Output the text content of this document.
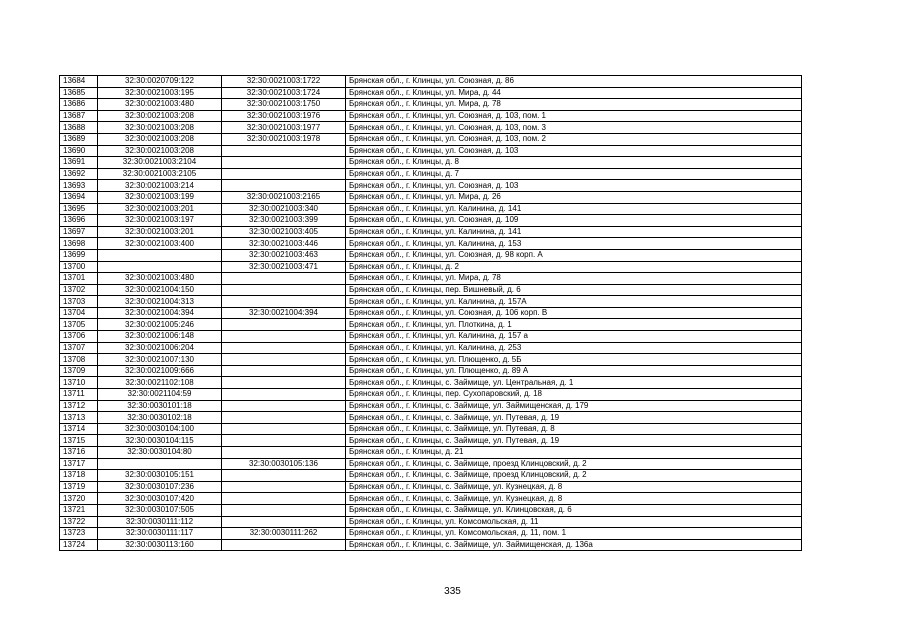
13684	32:30:0020709:122	32:30:0021003:1722	Брянская обл., г. Клинцы, ул. Союзная, д. 86
13685	32:30:0021003:195	32:30:0021003:1724	Брянская обл., г. Клинцы, ул. Мира, д. 44
13686	32:30:0021003:480	32:30:0021003:1750	Брянская обл., г. Клинцы, ул. Мира, д. 78
13687	32:30:0021003:208	32:30:0021003:1976	Брянская обл., г. Клинцы, ул. Союзная, д. 103, пом. 1
13688	32:30:0021003:208	32:30:0021003:1977	Брянская обл., г. Клинцы, ул. Союзная, д. 103, пом. 3
13689	32:30:0021003:208	32:30:0021003:1978	Брянская обл., г. Клинцы, ул. Союзная, д. 103, пом. 2
13690	32:30:0021003:208		Брянская обл., г. Клинцы, ул. Союзная, д. 103
13691	32:30:0021003:2104		Брянская обл., г. Клинцы, д. 8
13692	32:30:0021003:2105		Брянская обл., г. Клинцы, д. 7
13693	32:30:0021003:214		Брянская обл., г. Клинцы, ул. Союзная, д. 103
13694	32:30:0021003:199	32:30:0021003:2165	Брянская обл., г. Клинцы, ул. Мира, д. 26
13695	32:30:0021003:201	32:30:0021003:340	Брянская обл., г. Клинцы, ул. Калинина, д. 141
13696	32:30:0021003:197	32:30:0021003:399	Брянская обл., г. Клинцы, ул. Союзная, д. 109
13697	32:30:0021003:201	32:30:0021003:405	Брянская обл., г. Клинцы, ул. Калинина, д. 141
13698	32:30:0021003:400	32:30:0021003:446	Брянская обл., г. Клинцы, ул. Калинина, д. 153
13699		32:30:0021003:463	Брянская обл., г. Клинцы, ул. Союзная, д. 98 корп. А
13700		32:30:0021003:471	Брянская обл., г. Клинцы, д. 2
13701	32:30:0021003:480		Брянская обл., г. Клинцы, ул. Мира, д. 78
13702	32:30:0021004:150		Брянская обл., г. Клинцы, пер. Вишневый, д. 6
13703	32:30:0021004:313		Брянская обл., г. Клинцы, ул. Калинина, д. 157А
13704	32:30:0021004:394	32:30:0021004:394	Брянская обл., г. Клинцы, ул. Союзная, д. 106 корп. В
13705	32:30:0021005:246		Брянская обл., г. Клинцы, ул. Плоткина, д. 1
13706	32:30:0021006:148		Брянская обл., г. Клинцы, ул. Калинина, д. 157 а
13707	32:30:0021006:204		Брянская обл., г. Клинцы, ул. Калинина, д. 253
13708	32:30:0021007:130		Брянская обл., г. Клинцы, ул. Плющенко, д. 5Б
13709	32:30:0021009:666		Брянская обл., г. Клинцы, ул. Плющенко, д. 89 А
13710	32:30:0021102:108		Брянская обл., г. Клинцы, с. Займище, ул. Центральная, д. 1
13711	32:30:0021104:59		Брянская обл., г. Клинцы, пер. Сухопаровский, д. 18
13712	32:30:0030101:18		Брянская обл., г. Клинцы, с. Займище, ул. Займищенская, д. 179
13713	32:30:0030102:18		Брянская обл., г. Клинцы, с. Займище, ул. Путевая, д. 19
13714	32:30:0030104:100		Брянская обл., г. Клинцы, с. Займище, ул. Путевая, д. 8
13715	32:30:0030104:115		Брянская обл., г. Клинцы, с. Займище, ул. Путевая, д. 19
13716	32:30:0030104:80		Брянская обл., г. Клинцы, д. 21
13717		32:30:0030105:136	Брянская обл., г. Клинцы, с. Займище, проезд Клинцовский, д. 2
13718	32:30:0030105:151		Брянская обл., г. Клинцы, с. Займище, проезд Клинцовский, д. 2
13719	32:30:0030107:236		Брянская обл., г. Клинцы, с. Займище, ул. Кузнецкая, д. 8
13720	32:30:0030107:420		Брянская обл., г. Клинцы, с. Займище, ул. Кузнецкая, д. 8
13721	32:30:0030107:505		Брянская обл., г. Клинцы, с. Займище, ул. Клинцовская, д. 6
13722	32:30:0030111:112		Брянская обл., г. Клинцы, ул. Комсомольская, д. 11
13723	32:30:0030111:117	32:30:0030111:262	Брянская обл., г. Клинцы, ул. Комсомольская, д. 11, пом. 1
13724	32:30:0030113:160		Брянская обл., г. Клинцы, с. Займище, ул. Займищенская, д. 136а
335
